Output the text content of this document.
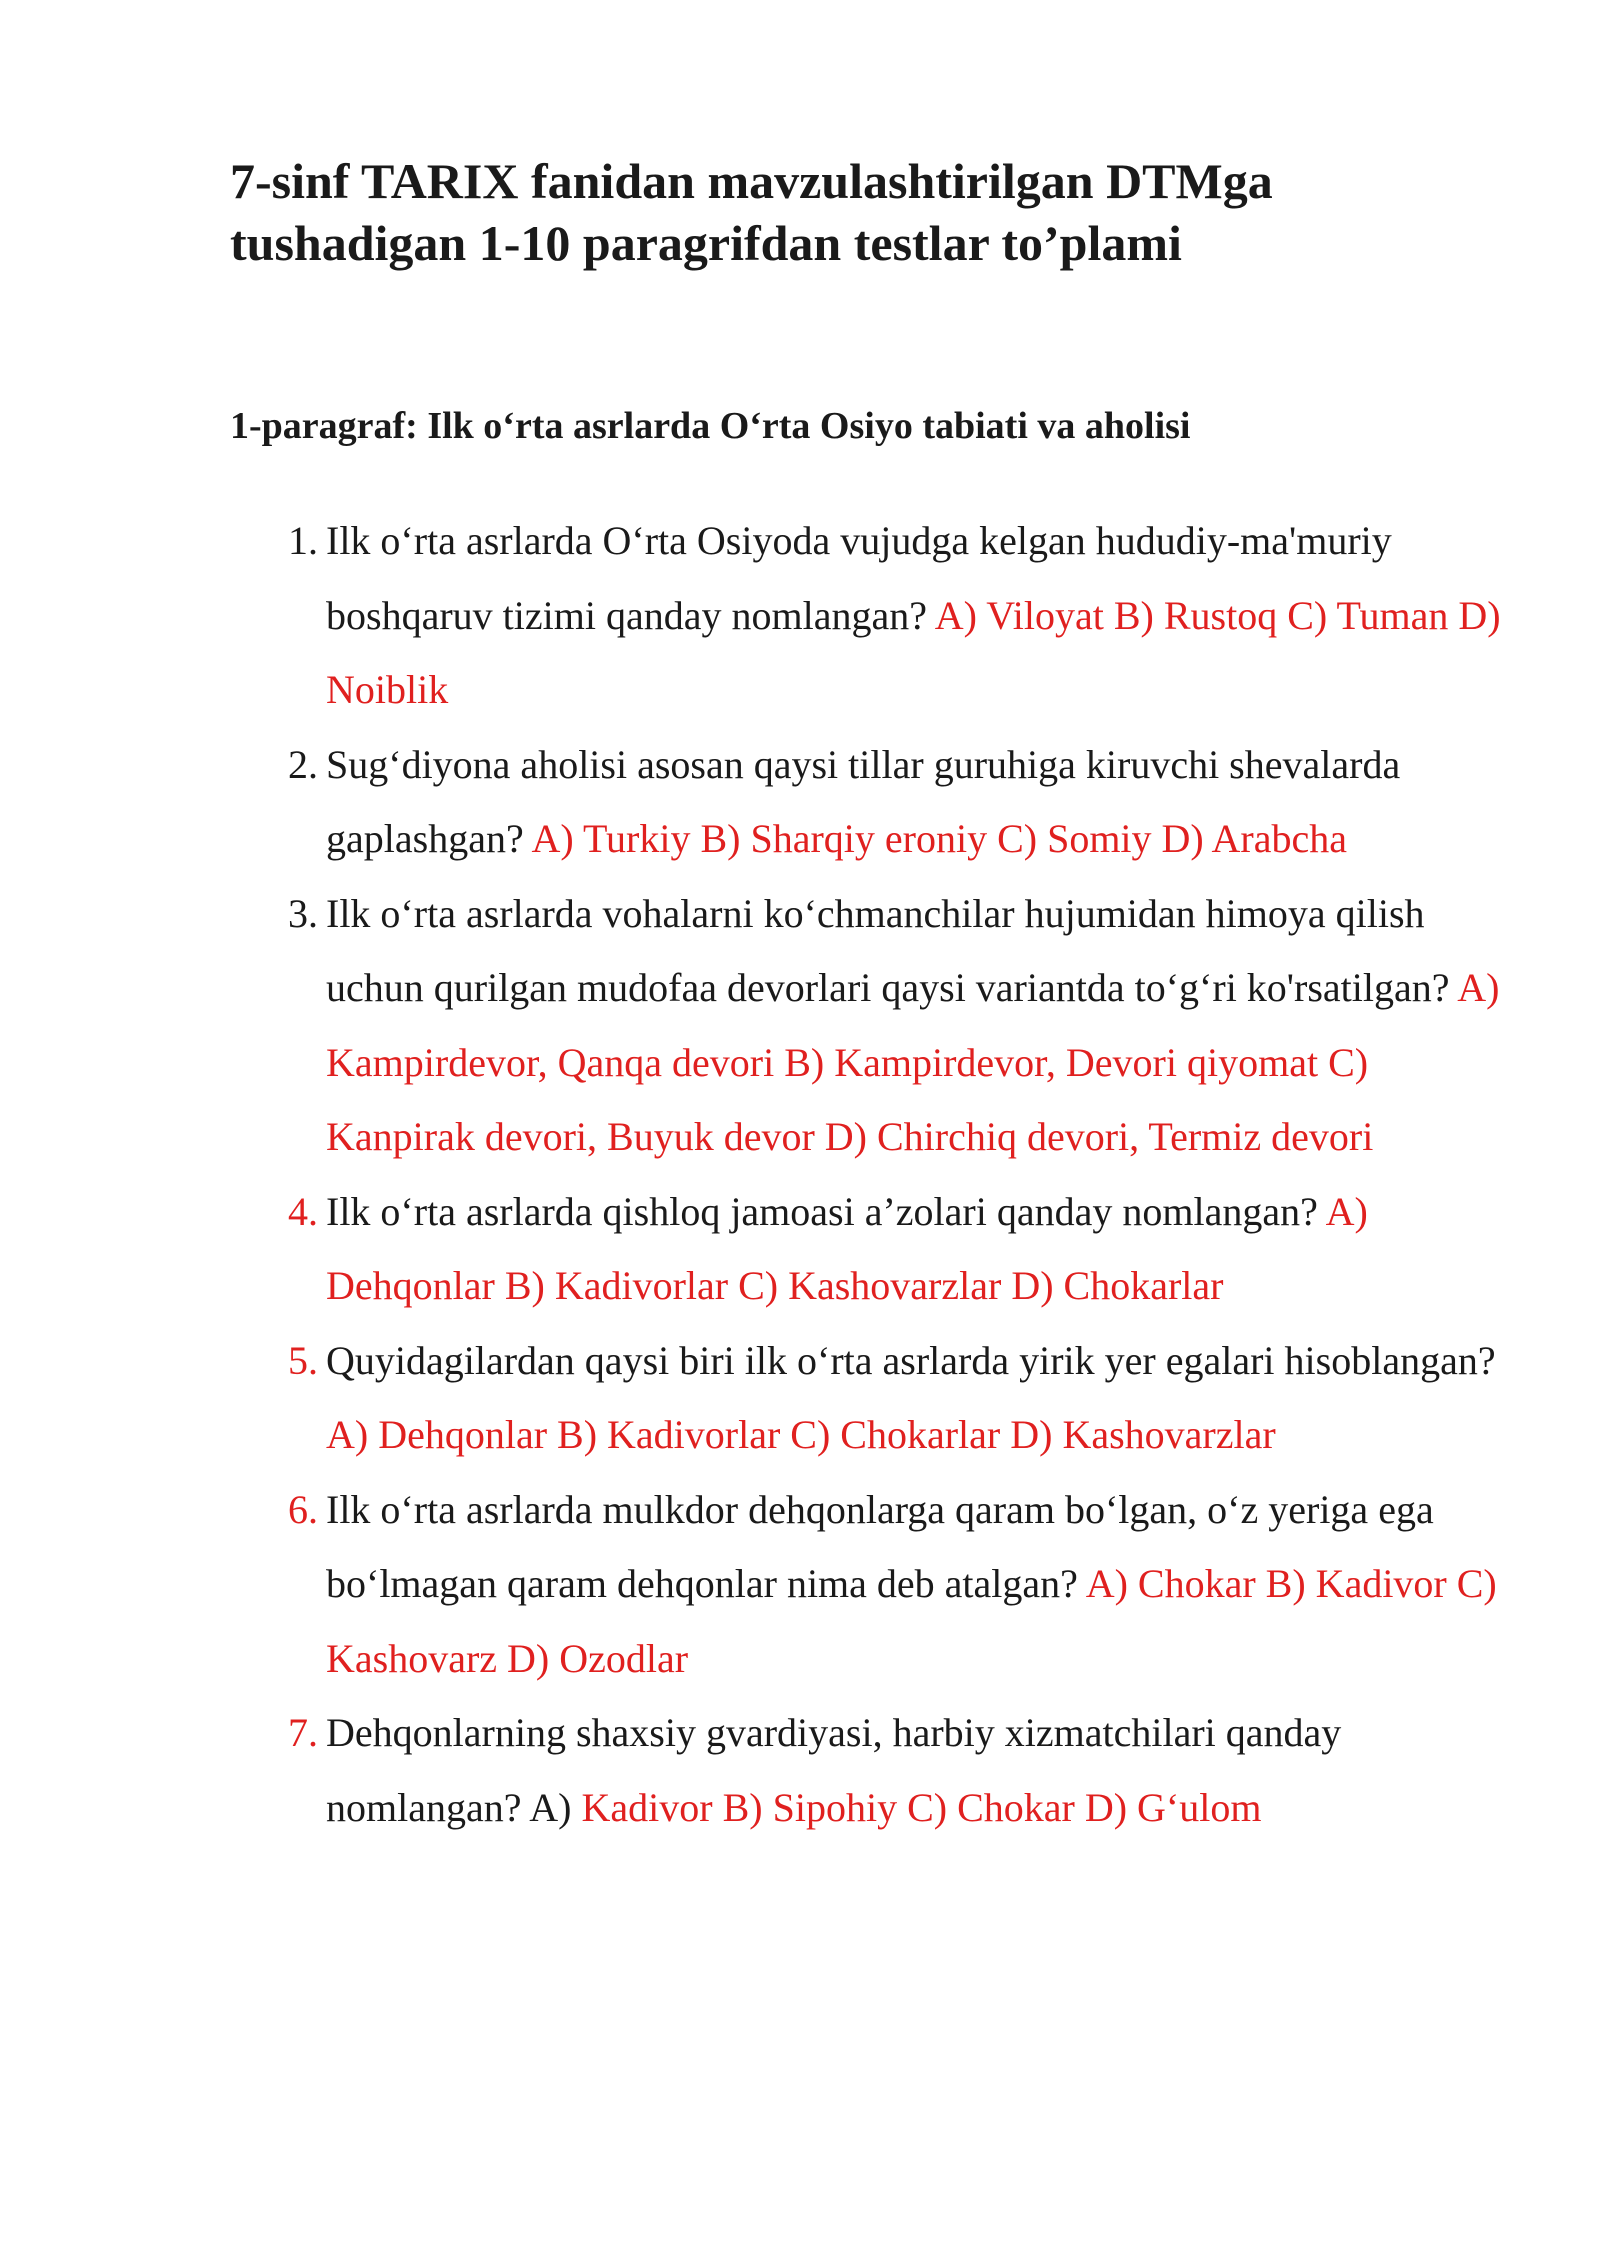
7-sinf TARIX fanidan mavzulashtirilgan DTMga tushadigan 1-10 paragrifdan testlar to’plami
1-paragraf: Ilk o‘rta asrlarda O‘rta Osiyo tabiati va aholisi
1. Ilk o‘rta asrlarda O‘rta Osiyoda vujudga kelgan hududiy-ma'muriy boshqaruv tizimi qanday nomlangan? A) Viloyat B) Rustoq C) Tuman D) Noiblik
2. Sug‘diyona aholisi asosan qaysi tillar guruhiga kiruvchi shevalarda gaplashgan? A) Turkiy B) Sharqiy eroniy C) Somiy D) Arabcha
3. Ilk o‘rta asrlarda vohalarni ko‘chmanchilar hujumidan himoya qilish uchun qurilgan mudofaa devorlari qaysi variantda to‘g‘ri ko'rsatilgan? A) Kampirdevor, Qanqa devori B) Kampirdevor, Devori qiyomat C) Kanpirak devori, Buyuk devor D) Chirchiq devori, Termiz devori
4. Ilk o‘rta asrlarda qishloq jamoasi a’zolari qanday nomlangan? A) Dehqonlar B) Kadivorlar C) Kashovarzlar D) Chokarlar
5. Quyidagilardan qaysi biri ilk o‘rta asrlarda yirik yer egalari hisoblangan? A) Dehqonlar B) Kadivorlar C) Chokarlar D) Kashovarzlar
6. Ilk o‘rta asrlarda mulkdor dehqonlarga qaram bo‘lgan, o‘z yeriga ega bo‘lmagan qaram dehqonlar nima deb atalgan? A) Chokar B) Kadivor C) Kashovarz D) Ozodlar
7. Dehqonlarning shaxsiy gvardiyasi, harbiy xizmatchilari qanday nomlangan? A) Kadivor B) Sipohiy C) Chokar D) G‘ulom
